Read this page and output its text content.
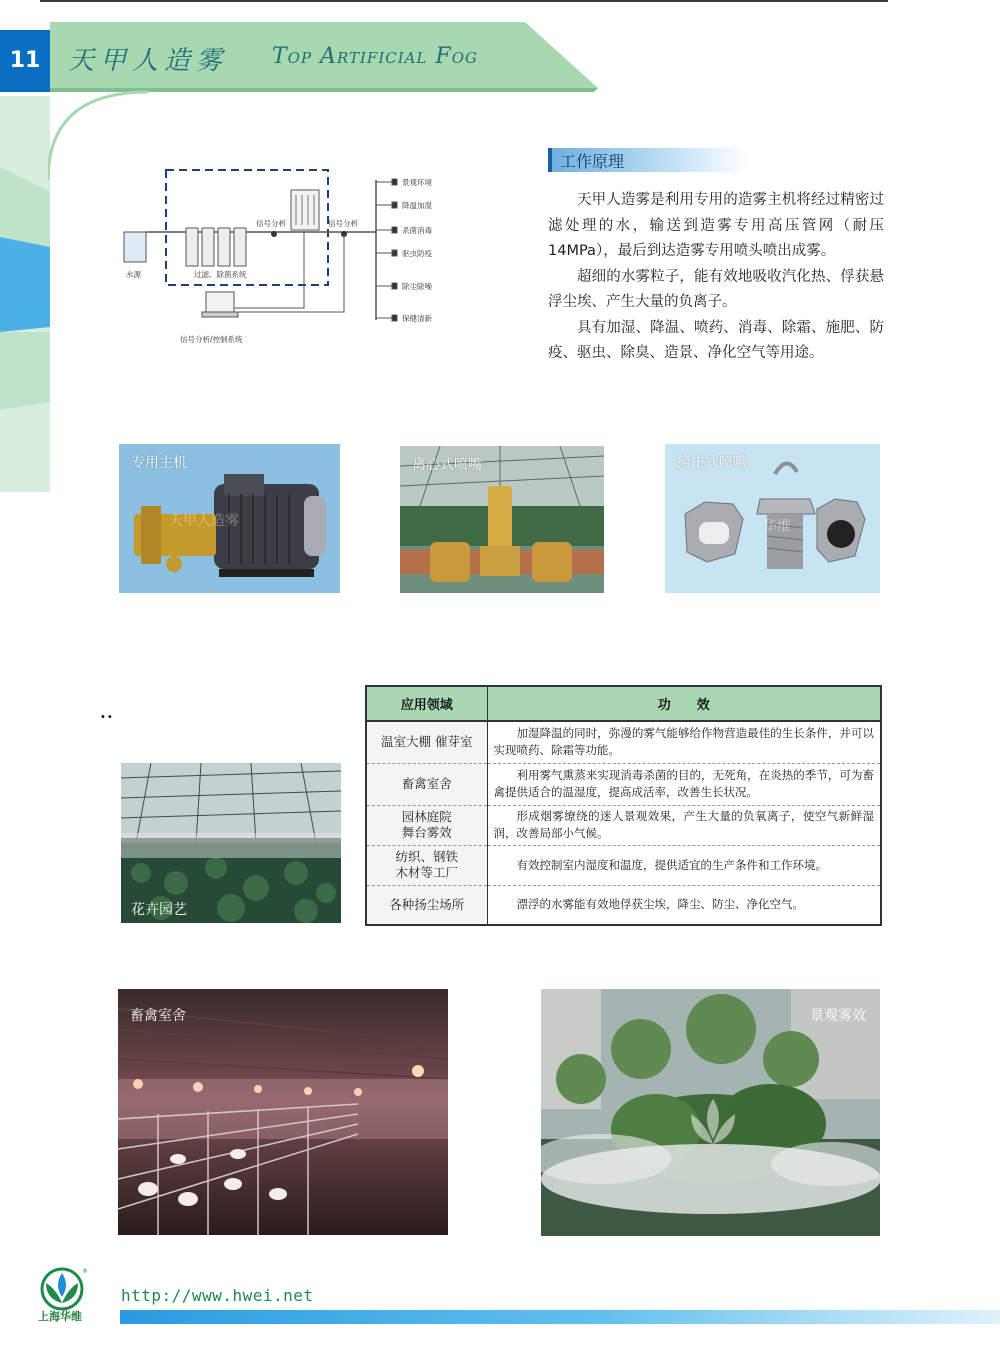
11	天甲人造雾 Top Artificial Fog
水源	过滤、除菌系统
信号分析	信号分析
信号分析/控制系统
景观环境
降温加湿
杀菌消毒
驱虫防疫
除尘除噪
保健清新
工作原理

天甲人造雾是利用专用的造雾主机将经过精密过滤处理的水，输送到造雾专用高压管网（耐压14MPa），最后到达造雾专用喷头喷出成雾。

超细的水雾粒子，能有效地吸收汽化热、俘获悬浮尘埃、产生大量的负离子。

具有加湿、降温、喷药、消毒、除霜、施肥、防疫、驱虫、除臭、造景、净化空气等用途。

专用主机
天甲人造雾
离心式喷嘴	撞击式喷嘴
华维
••
花卉园艺
应用领域	功　　效
温室大棚 催芽室	加湿降温的同时，弥漫的雾气能够给作物营造最佳的生长条件，并可以实现喷药、除霜等功能。
畜禽室舍	利用雾气熏蒸来实现消毒杀菌的目的，无死角，在炎热的季节，可为畜禽提供适合的温湿度，提高成活率，改善生长状况。

园林庭院
舞台雾效	形成烟雾缭绕的迷人景观效果，产生大量的负氧离子，使空气新鲜湿润，改善局部小气候。

纺织、钢铁
木材等工厂	有效控制室内湿度和温度，提供适宜的生产条件和工作环境。
各种扬尘场所	漂浮的水雾能有效地俘获尘埃，降尘、防尘、净化空气。
畜禽室舍	景观雾效
®
上海华维
http://www.hwei.net
